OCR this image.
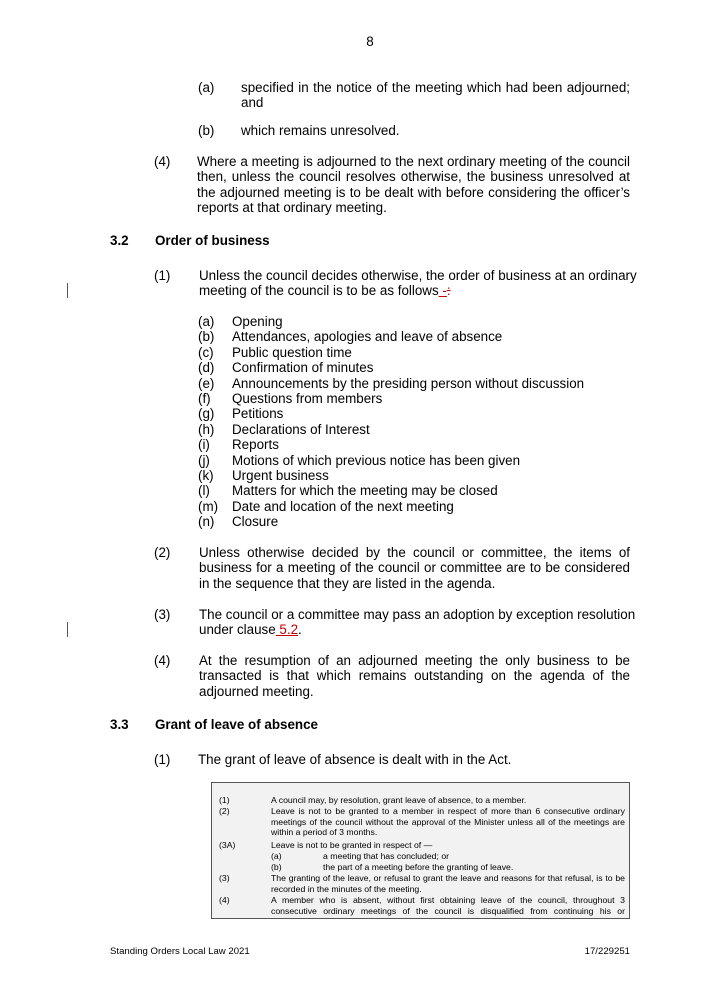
8
(a) specified in the notice of the meeting which had been adjourned; and
(b) which remains unresolved.
(4) Where a meeting is adjourned to the next ordinary meeting of the council then, unless the council resolves otherwise, the business unresolved at the adjourned meeting is to be dealt with before considering the officer’s reports at that ordinary meeting.
3.2 Order of business
(1) Unless the council decides otherwise, the order of business at an ordinary
meeting of the council is to be as follows -:
(a) Opening
(b) Attendances, apologies and leave of absence
(c) Public question time
(d) Confirmation of minutes
(e) Announcements by the presiding person without discussion
(f) Questions from members
(g) Petitions
(h) Declarations of Interest
(i) Reports
(j) Motions of which previous notice has been given
(k) Urgent business
(l) Matters for which the meeting may be closed
(m) Date and location of the next meeting
(n) Closure
(2) Unless otherwise decided by the council or committee, the items of business for a meeting of the council or committee are to be considered in the sequence that they are listed in the agenda.
(3) The council or a committee may pass an adoption by exception resolution
under clause 5.2.
(4) At the resumption of an adjourned meeting the only business to be transacted is that which remains outstanding on the agenda of the adjourned meeting.
3.3 Grant of leave of absence
(1) The grant of leave of absence is dealt with in the Act.
(1)	A council may, by resolution, grant leave of absence, to a member.
(2)	Leave is not to be granted to a member in respect of more than 6 consecutive ordinary meetings of the council without the approval of the Minister unless all of the meetings are within a period of 3 months.
(3A)	Leave is not to be granted in respect of —
(a)	a meeting that has concluded; or
(b)	the part of a meeting before the granting of leave.
(3)	The granting of the leave, or refusal to grant the leave and reasons for that refusal, is to be recorded in the minutes of the meeting.
(4)	A member who is absent, without first obtaining leave of the council, throughout 3 consecutive ordinary meetings of the council is disqualified from continuing his or
Standing Orders Local Law 2021	17/229251
